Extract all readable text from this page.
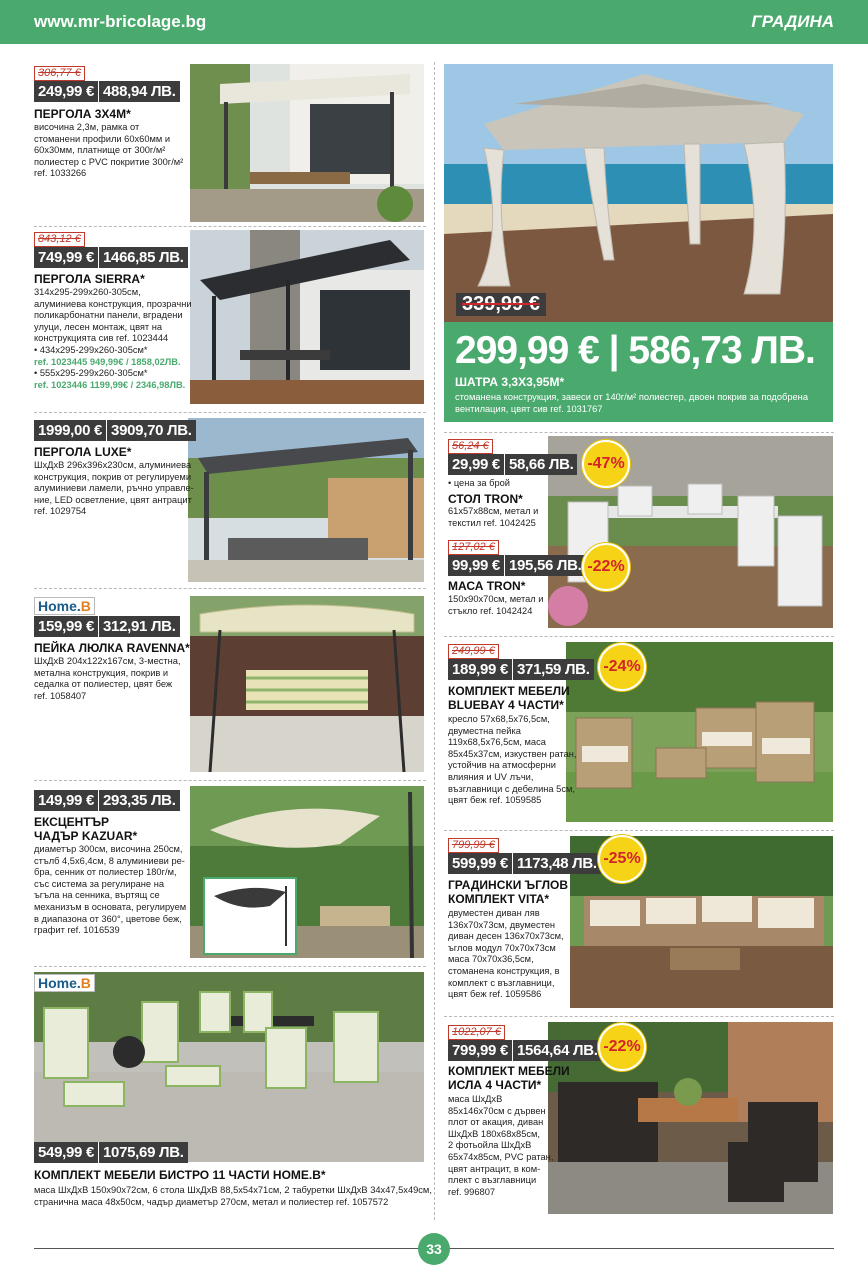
www.mr-bricolage.bg	ГРАДИНА
306,77 €
249,99 € 488,94 ЛВ.
ПЕРГОЛА 3Х4М*
височина 2,3м, рамка от
стоманени профили 60х60мм и
60х30мм, платнище от 300г/м²
полиестер с PVC покритие 300г/м²
ref. 1033266
843,12 €
749,99 € 1466,85 ЛВ.
ПЕРГОЛА SIERRA*
314х295-299х260-305см,
алуминиева конструкция, прозрачни
поликарбонатни панели, вградени
улуци, лесен монтаж, цвят на
конструкцията сив ref. 1023444
• 434х295-299х260-305см*
ref. 1023445 949,99€ / 1858,02ЛВ.
• 555х295-299х260-305см*
ref. 1023446 1199,99€ / 2346,98ЛВ.
1999,00 € 3909,70 ЛВ.
ПЕРГОЛА LUXE*
ШхДхВ 296х396х230см, алуминиева
конструкция, покрив от регулируеми
алуминиеви ламели, ръчно управле-
ние, LED осветление, цвят антрацит
ref. 1029754
Home.B
159,99 € 312,91 ЛВ.
ПЕЙКА ЛЮЛКА RAVENNA*
ШхДхВ 204х122х167см, 3-местна,
метална конструкция, покрив и
седалка от полиестер, цвят беж
ref. 1058407
149,99 € 293,35 ЛВ.
ЕКСЦЕНТЪР
ЧАДЪР KAZUAR*
диаметър 300см, височина 250см,
стълб 4,5х6,4см, 8 алуминиеви ре-
бра, сенник от полиестер 180г/м,
със система за регулиране на
ъгъла на сенника, въртящ се
механизъм в основата, регулируем
в диапазона от 360°, цветове беж,
графит ref. 1016539
Home.B
549,99 € 1075,69 ЛВ.
КОМПЛЕКТ МЕБЕЛИ БИСТРО 11 ЧАСТИ HOME.B*
маса ШхДхВ 150х90х72см, 6 стола ШхДхВ 88,5х54х71см, 2 табуретки ШхДхВ 34х47,5х49см,
странична маса 48х50см, чадър диаметър 270см, метал и полиестер ref. 1057572
339,99 €
299,99 € | 586,73 ЛВ.
ШАТРА 3,3Х3,95М*
стоманена конструкция, завеси от 140г/м² полиестер, двоен покрив за подобрена вентилация, цвят сив ref. 1031767
56,24 €
29,99 € 58,66 ЛВ. -47%
• цена за брой
СТОЛ TRON*
61х57х88см, метал и
текстил ref. 1042425
127,02 €
99,99 € 195,56 ЛВ. -22%
МАСА TRON*
150х90х70см, метал и
стъкло ref. 1042424
249,99 €
189,99 € 371,59 ЛВ. -24%
КОМПЛЕКТ МЕБЕЛИ
BLUEBAY 4 ЧАСТИ*
кресло 57х68,5х76,5см,
двуместна пейка
119х68,5х76,5см, маса
85х45х37см, изкуствен ратан,
устойчив на атмосферни
влияния и UV лъчи,
възглавници с дебелина 5см,
цвят беж ref. 1059585
799,99 €
599,99 € 1173,48 ЛВ. -25%
ГРАДИНСКИ ЪГЛОВ
КОМПЛЕКТ VITA*
двуместен диван ляв
136х70х73см, двуместен
диван десен 136х70х73см,
ъглов модул 70х70х73см
маса 70х70х36,5см,
стоманена конструкция, в
комплект с възглавници,
цвят беж ref. 1059586
1022,07 €
799,99 € 1564,64 ЛВ. -22%
КОМПЛЕКТ МЕБЕЛИ
ИСЛА 4 ЧАСТИ*
маса ШхДхВ
85х146х70см с дървен
плот от акация, диван
ШхДхВ 180х68х85см,
2 фотьойла ШхДхВ
65х74х85см, PVC ратан,
цвят антрацит, в ком-
плект с възглавници
ref. 996807
33
